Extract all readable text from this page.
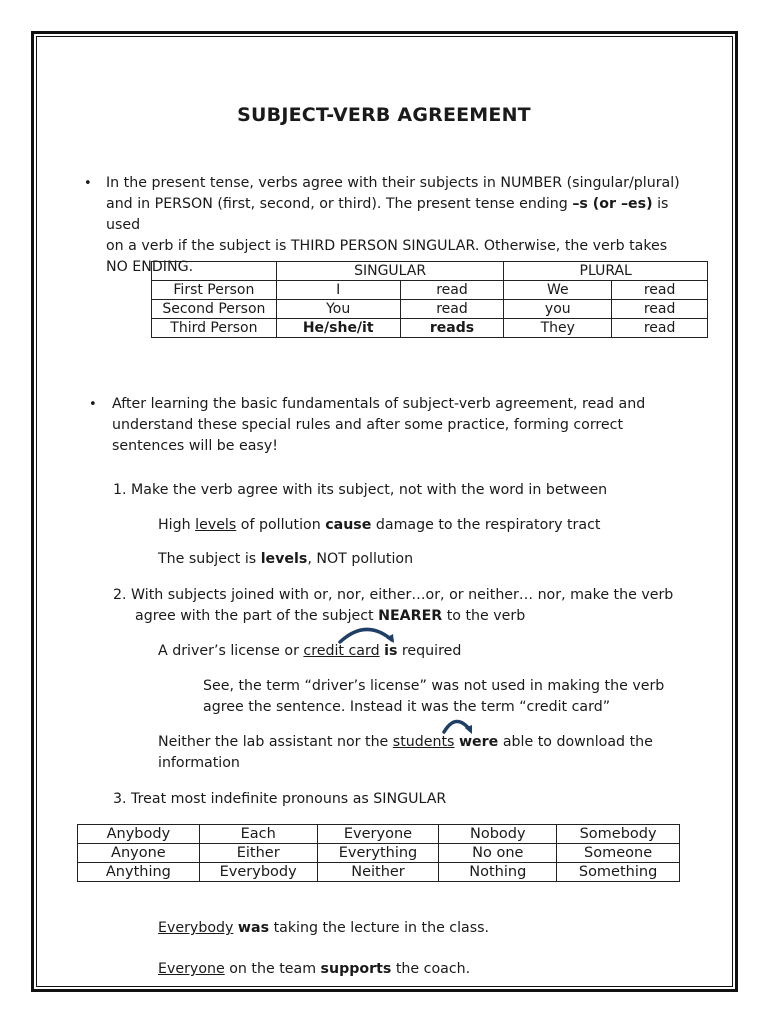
SUBJECT-VERB AGREEMENT
• In the present tense, verbs agree with their subjects in NUMBER (singular/plural)
and in PERSON (first, second, or third). The present tense ending –s (or –es) is used
on a verb if the subject is THIRD PERSON SINGULAR. Otherwise, the verb takes
NO ENDING.
		SINGULAR		PLURAL	
First Person	I	read	We	read
Second Person	You	read	you	read
Third Person	He/she/it	reads	They	read
• After learning the basic fundamentals of subject-verb agreement, read and
understand these special rules and after some practice, forming correct
sentences will be easy!
1. Make the verb agree with its subject, not with the word in between
High levels of pollution cause damage to the respiratory tract
The subject is levels, NOT pollution
2. With subjects joined with or, nor, either…or, or neither… nor, make the verb
agree with the part of the subject NEARER to the verb
A driver’s license or credit card is required
See, the term “driver’s license” was not used in making the verb
agree the sentence. Instead it was the term “credit card”
Neither the lab assistant nor the students were able to download the
information
3. Treat most indefinite pronouns as SINGULAR
Anybody	Each	Everyone	Nobody	Somebody
Anyone	Either	Everything	No one	Someone
Anything	Everybody	Neither	Nothing	Something
Everybody was taking the lecture in the class.
Everyone on the team supports the coach.
